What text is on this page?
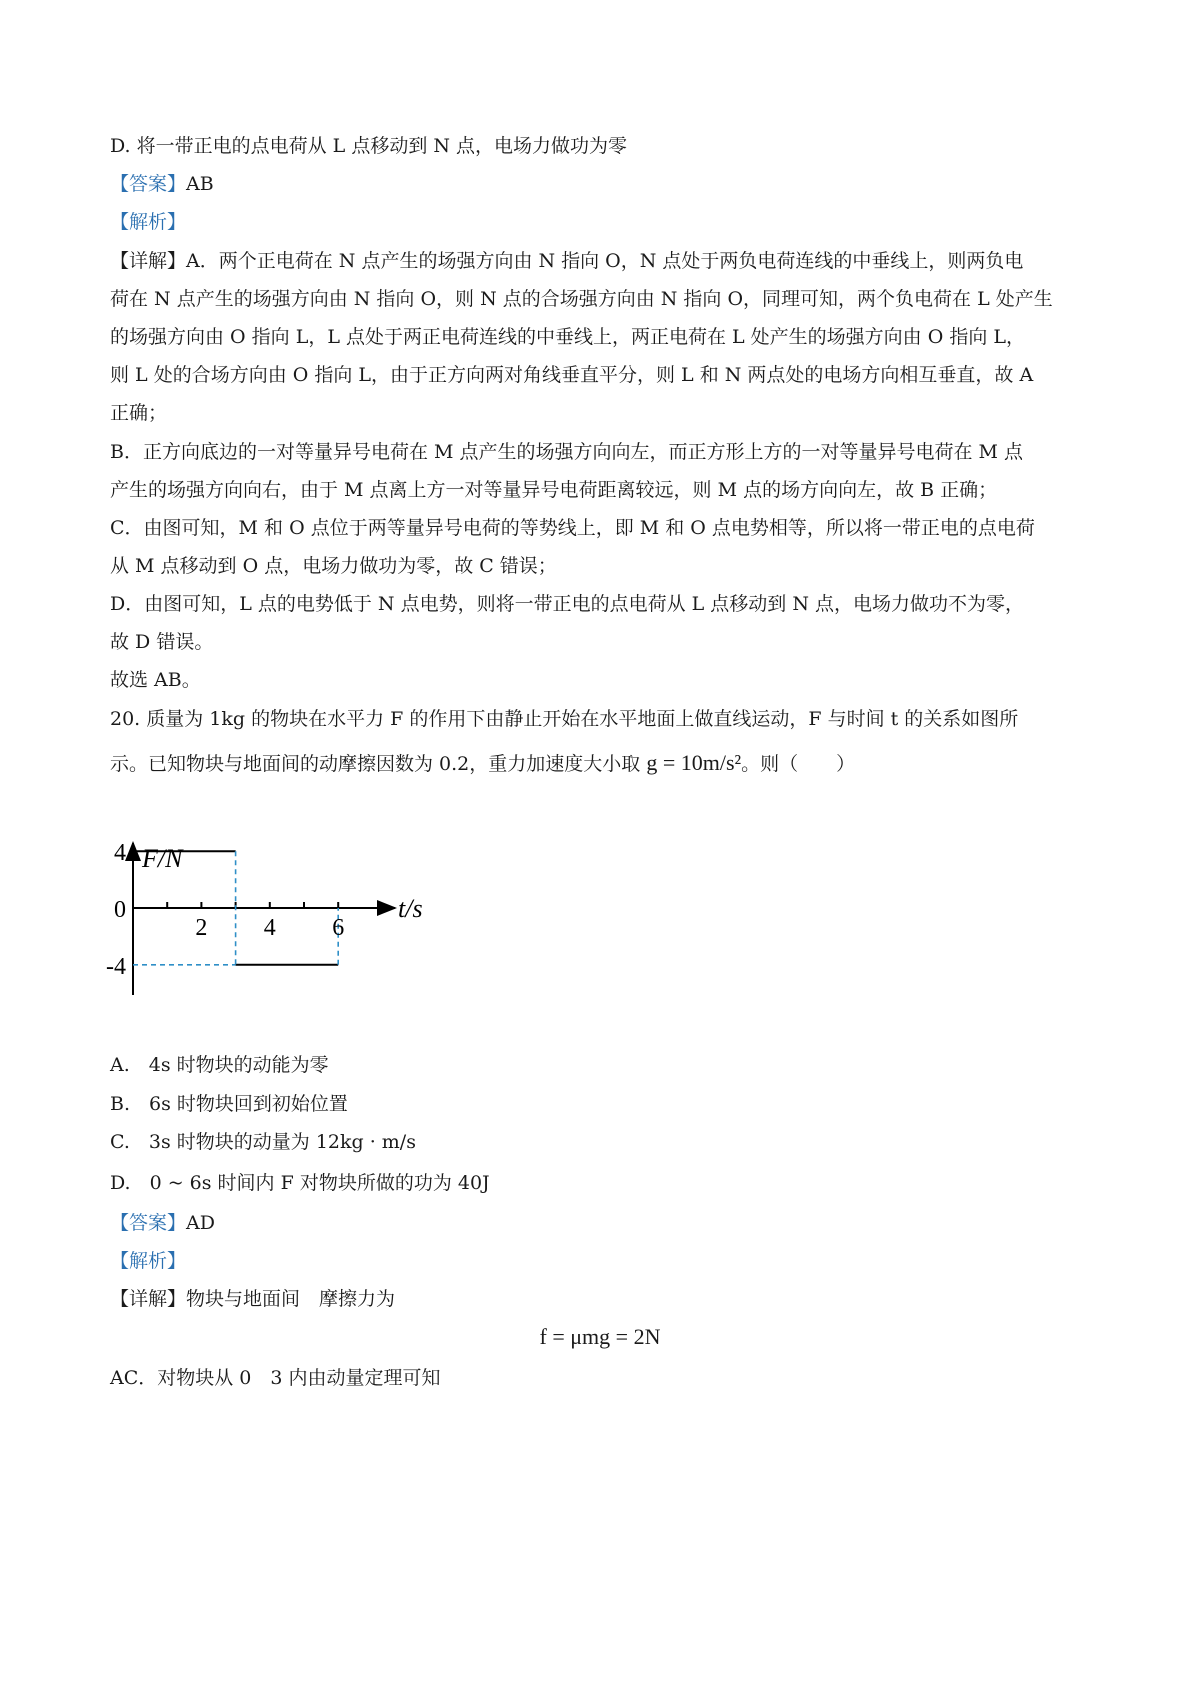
D. 将一带正电的点电荷从 L 点移动到 N 点，电场力做功为零
【答案】AB
【解析】
【详解】A．两个正电荷在 N 点产生的场强方向由 N 指向 O，N 点处于两负电荷连线的中垂线上，则两负电
荷在 N 点产生的场强方向由 N 指向 O，则 N 点的合场强方向由 N 指向 O，同理可知，两个负电荷在 L 处产生
的场强方向由 O 指向 L，L 点处于两正电荷连线的中垂线上，两正电荷在 L 处产生的场强方向由 O 指向 L，
则 L 处的合场方向由 O 指向 L，由于正方向两对角线垂直平分，则 L 和 N 两点处的电场方向相互垂直，故 A
正确；
B．正方向底边的一对等量异号电荷在 M 点产生的场强方向向左，而正方形上方的一对等量异号电荷在 M 点
产生的场强方向向右，由于 M 点离上方一对等量异号电荷距离较远，则 M 点的场方向向左，故 B 正确；
C．由图可知，M 和 O 点位于两等量异号电荷的等势线上，即 M 和 O 点电势相等，所以将一带正电的点电荷
从 M 点移动到 O 点，电场力做功为零，故 C 错误；
D．由图可知，L 点的电势低于 N 点电势，则将一带正电的点电荷从 L 点移动到 N 点，电场力做功不为零，
故 D 错误。
故选 AB。
20. 质量为 1kg 的物块在水平力 F 的作用下由静止开始在水平地面上做直线运动，F 与时间 t 的关系如图所
示。已知物块与地面间的动摩擦因数为 0.2，重力加速度大小取 g = 10m/s²。则（　　）
F/N
t/s
4
0
-4
2 4 6
A.　4s 时物块的动能为零
B.　6s 时物块回到初始位置
C.　3s 时物块的动量为 12kg · m/s
D.　0 ~ 6s 时间内 F 对物块所做的功为 40J
【答案】AD
【解析】
【详解】物块与地面间　摩擦力为
f = μmg = 2N
AC．对物块从 0　3 内由动量定理可知
